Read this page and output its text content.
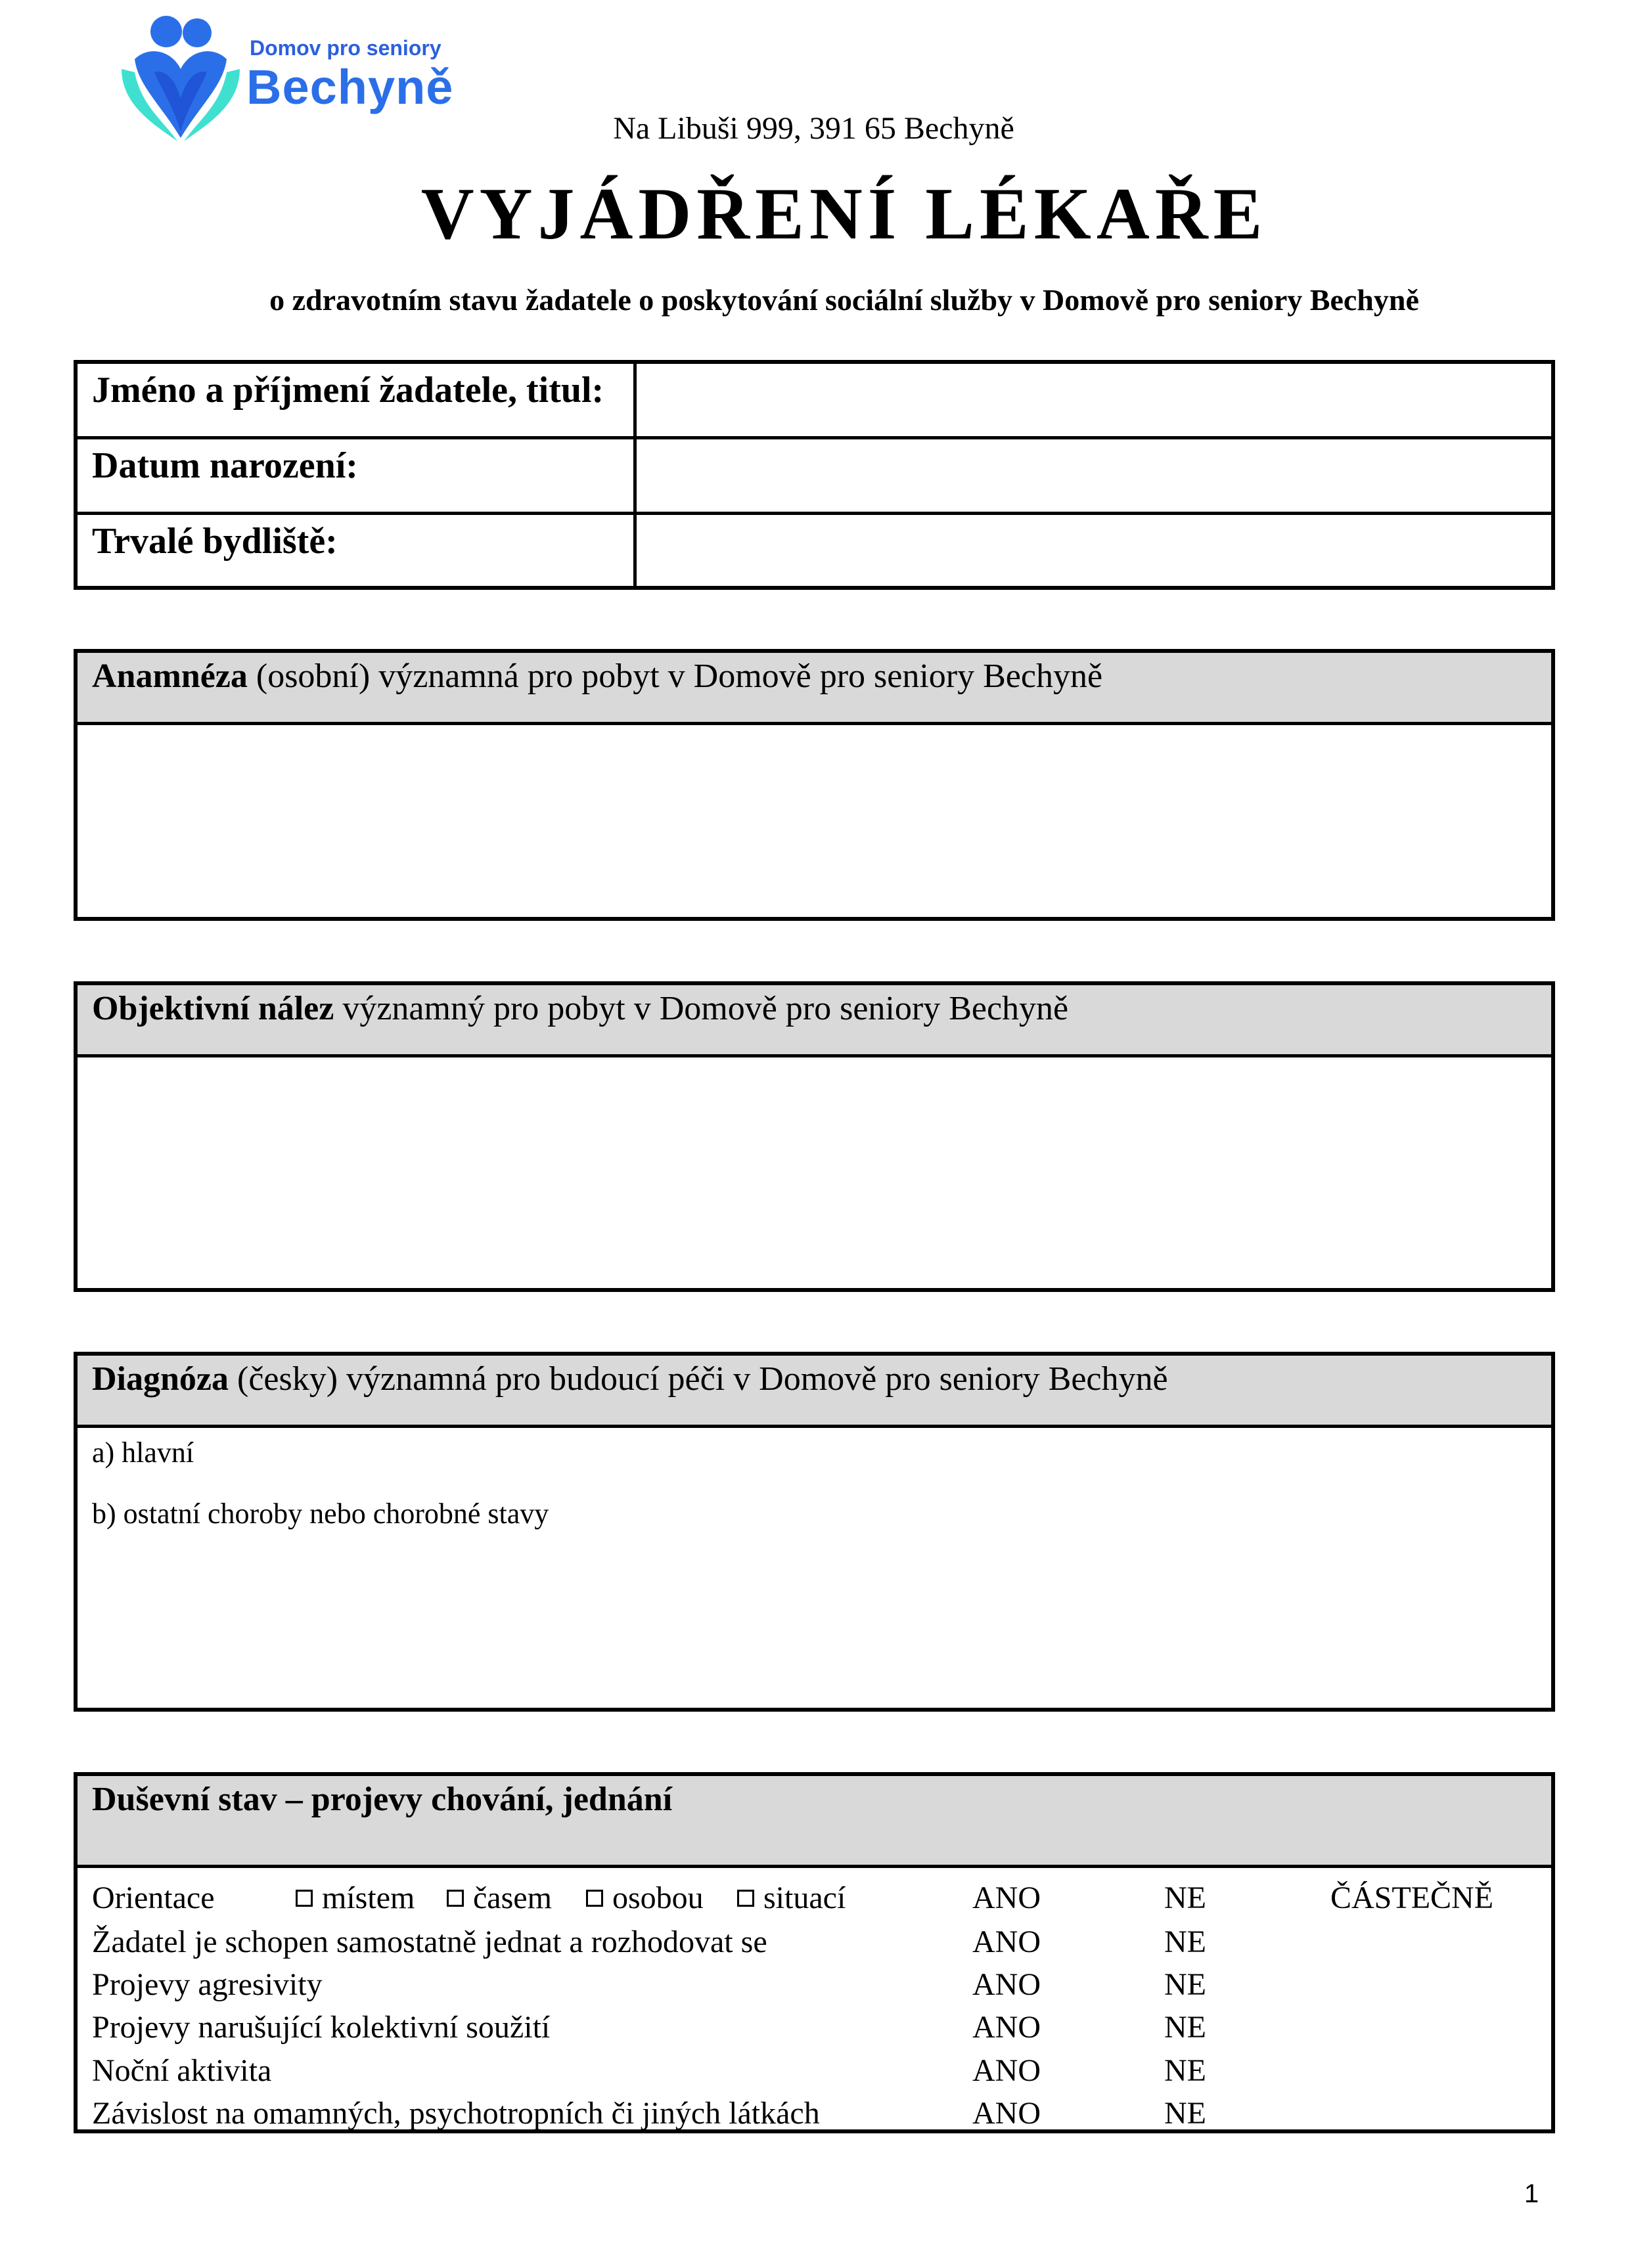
Domov pro seniory
Bechyně
Na Libuši 999, 391 65 Bechyně
VYJÁDŘENÍ LÉKAŘE
o zdravotním stavu žadatele o poskytování sociální služby v Domově pro seniory Bechyně
Jméno a příjmení žadatele, titul:
Datum narození:
Trvalé bydliště:
Anamnéza (osobní) významná pro pobyt v Domově pro seniory Bechyně
Objektivní nález významný pro pobyt v Domově pro seniory Bechyně
Diagnóza (česky) významná pro budoucí péči v Domově pro seniory Bechyně
a) hlavní
b) ostatní choroby nebo chorobné stavy
Duševní stav – projevy chování, jednání
Orientace	místem	časem	osobou	situací	ANO	NE	ČÁSTEČNĚ
Žadatel je schopen samostatně jednat a rozhodovat se	ANO	NE
Projevy agresivity	ANO	NE
Projevy narušující kolektivní soužití	ANO	NE
Noční aktivita	ANO	NE
Závislost na omamných, psychotropních či jiných látkách	ANO	NE
1
